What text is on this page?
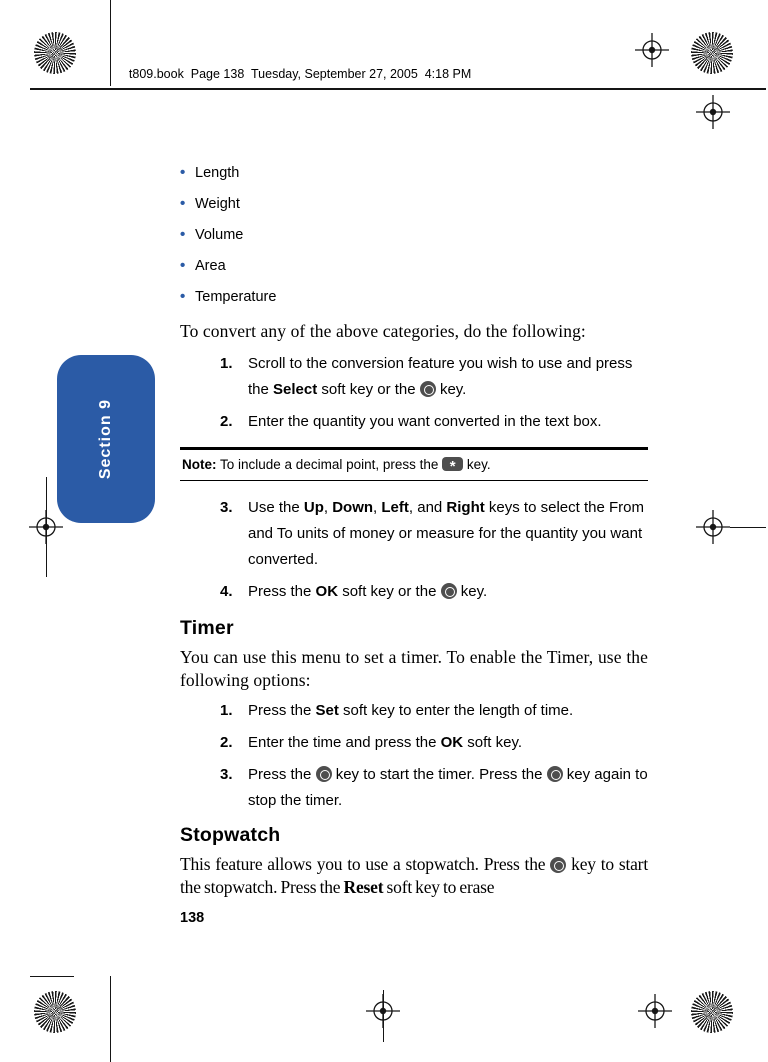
t809.book  Page 138  Tuesday, September 27, 2005  4:18 PM

Section 9
•
Length
•
Weight
•
Volume
•
Area
•
Temperature

To convert any of the above categories, do the following:

1. Scroll to the conversion feature you wish to use and press the Select soft key or the  key.
2. Enter the quantity you want converted in the text box.
Note: To include a decimal point, press the * key.
3. Use the Up, Down, Left, and Right keys to select the From and To units of money or measure for the quantity you want converted.
4. Press the OK soft key or the  key.
Timer

You can use this menu to set a timer. To enable the Timer, use the following options:

1. Press the Set soft key to enter the length of time.
2. Enter the time and press the OK soft key.
3. Press the  key to start the timer. Press the  key again to stop the timer.
Stopwatch

This feature allows you to use a stopwatch. Press the  key to start the stopwatch. Press the Reset soft key to erase

138
